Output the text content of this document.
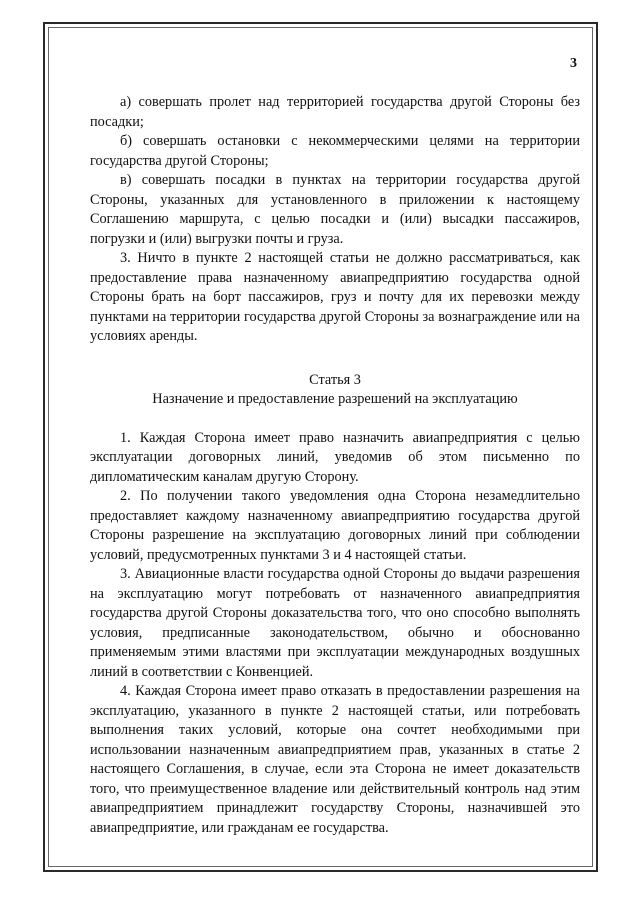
3

а) совершать пролет над территорией государства другой Стороны без посадки;

б) совершать остановки с некоммерческими целями на территории государства другой Стороны;

в) совершать посадки в пунктах на территории государства другой Стороны, указанных для установленного в приложении к настоящему Соглашению маршрута, с целью посадки и (или) высадки пассажиров, погрузки и (или) выгрузки почты и груза.

3. Ничто в пункте 2 настоящей статьи не должно рассматриваться, как предоставление права назначенному авиапредприятию государства одной Стороны брать на борт пассажиров, груз и почту для их перевозки между пунктами на территории государства другой Стороны за вознаграждение или на условиях аренды.

Статья 3

Назначение и предоставление разрешений на эксплуатацию

1. Каждая Сторона имеет право назначить авиапредприятия с целью эксплуатации договорных линий, уведомив об этом письменно по дипломатическим каналам другую Сторону.

2. По получении такого уведомления одна Сторона незамедлительно предоставляет каждому назначенному авиапредприятию государства другой Стороны разрешение на эксплуатацию договорных линий при соблюдении условий, предусмотренных пунктами 3 и 4 настоящей статьи.

3. Авиационные власти государства одной Стороны до выдачи разрешения на эксплуатацию могут потребовать от назначенного авиапредприятия государства другой Стороны доказательства того, что оно способно выполнять условия, предписанные законодательством, обычно и обоснованно применяемым этими властями при эксплуатации международных воздушных линий в соответствии с Конвенцией.

4. Каждая Сторона имеет право отказать в предоставлении разрешения на эксплуатацию, указанного в пункте 2 настоящей статьи, или потребовать выполнения таких условий, которые она сочтет необходимыми при использовании назначенным авиапредприятием прав, указанных в статье 2 настоящего Соглашения, в случае, если эта Сторона не имеет доказательств того, что преимущественное владение или действительный контроль над этим авиапредприятием принадлежит государству Стороны, назначившей это авиапредприятие, или гражданам ее государства.
